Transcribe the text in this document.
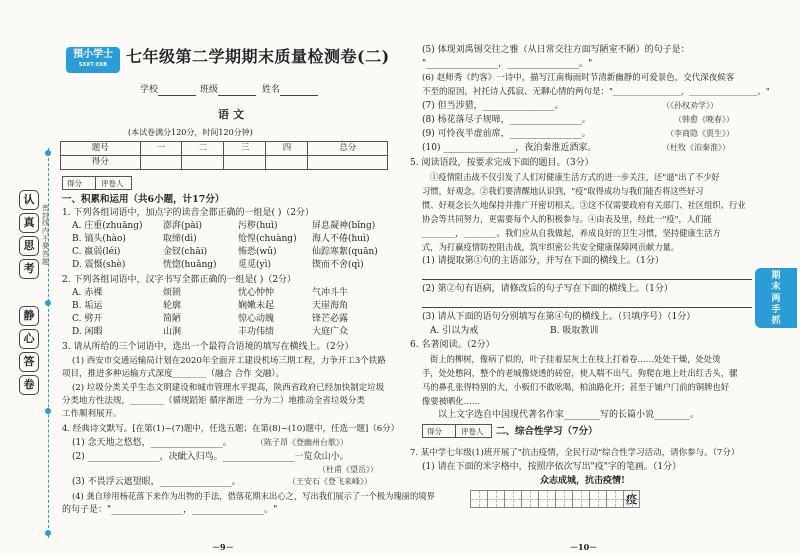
預小学士
SXXT·XXB	七年级第二学期期末质量检测卷(二)
学校	班级	姓名
语文
(本试卷满分120分，时间120分钟)
题号	一	二	三	四	总分
得分					
密封线内不要答题
认
真
思
考
静
心
答
卷
得分	评卷人
一、积累和运用（共6小题，计17分）
1. 下列各组词语中，加点字的读音全都正确的一组是( )（2分）
A. 庄重(zhuāng) 澎湃(pài)	污秽(huì)	屏息凝神(bǐng)
B. 镐头(hào)	取缔(dì)	怆惶(chuàng) 海人不倦(huì)
C. 嬴弱(léi)	金钗(chāi)	怖恐(wǔ)	仙踪寒絮(quān)
D. 震慑(shè)	恍惚(huǎng) 觅觅(yì)	锲而不舍(qì)
2. 下列各组词语中，汉字书写全都正确的一组是( )（2分）
A. 赤裸	烦锁	忧心忡忡	气冲斗牛
B. 垢运	轮廓	娴嫩未起	天崖海角
C. 劈开	简陋	惊心动魄	锋芒必露
D. 闲暇	山涧	丰功伟绩	大庭广众
3. 请从所给的三个词语中，选出一个最符合语境的填写在横线上。（2分）
(1) 西安市交通运输局计划在2020年全面开工建设机场三期工程，力争开工3个铁路
项目，推进多种运输方式深度________（融合 合作 交融）。
(2) 垃圾分类关乎生态文明建设和城市管理水平提高，陕西省政府已经加快制定垃圾
分类地方性法规，________（循规蹈矩 循序渐进 一分为二）地推动全省垃圾分类
工作顺利展开。
4. 经典诗文默写。[在第(1)~(7)题中，任选五题；在第(8)~(10)题中，任选一题]（6分）
(1) 念天地之悠悠，________________。	（陈子昂《登幽州台歌》）
(2) ________________，决眦入归鸟。________________一览众山小。
（杜甫《望岳》）
(3) 不畏浮云遮望眼，________________。	（王安石《登飞来峰》）
(4) 龚自珍用杨花落下来作为出物的手法，借落花期末出心之，写出我们展示了一个极为瑰丽的境界
的句子是："________________，________________。"
－9－
(5) 体现刘禹锡交往之雅（从日常交往方面写陋室不陋）的句子是：
"________________，________________。"
(6) 赵师秀《约客》一诗中，描写江南梅雨时节清新幽静的可爱景色，交代深夜候客
不至的原因，衬托诗人孤寂、无聊心情的两句是："________________，________________。"
(7) 但当涉猎，________________。	（《孙权劝学》）
(8) 杨花落尽子规啼，________________。	（韩愈《晚春》）
(9) 可怜夜半虚前席，________________。	（李商隐《贾生》）
(10) ________________，夜泊秦淮近酒家。	（杜牧《泊秦淮》）
5. 阅读语段，按要求完成下面的题目。（3分）
①疫情阻击战不仅引发了人们对健康生活方式的进一步关注，还"逼"出了不少好
习惯，好观念。②我们要清醒地认识到，"疫"取得成功与我们能否将这些好习
惯、好观念长久地保持并推广开密切相关。③这不仅需要政府有关部门、社区组织、行业
协会等共同努力，更需要每个人的积极参与。④由表及里，经此一"疫"，人们能
________，________。我们应从自我做起，养成良好的卫生习惯，坚持健康生活方
式，为打赢疫情防控阻击战，筑牢织密公共安全健康保障网贡献力量。
(1) 请提取第①句的主语部分，并写在下面的横线上。（1分）
(2) 第②句有语病，请修改后的句子写在下面的横线上。（1分）
(3) 请从下面的语句分别填写在第④句的横线上。（只填序号）（1分）
A. 引以为戒	B. 吸取教训
6. 名著阅读。（2分）
街上的柳树，像病了似的，叶子挂着层灰土在枝上打着卷……处处干燥，处处烫
手，处处憋闷，整个的老城像烧透的砖窑，使人喘不出气。狗爬在地上吐出红舌头，骡
马的鼻孔张得特别的大，小贩们不敢吆喝，柏油路化开；甚至于铺户门前的铜牌也好
像要被晒化……
以上文字选自中国现代著名作家________写的长篇小说________。
得分	评卷人 二、综合性学习（7分）
7. 某中学七年级(1)班开展了"抗击疫情，全民行动"综合性学习活动，请你参与。（7分）
(1) 请在下面的米字格中，按照序依次写出"疫"字的笔画。（1分）
众志成城，抗击疫情!
疫
－10－
期
末
两
手
抓
